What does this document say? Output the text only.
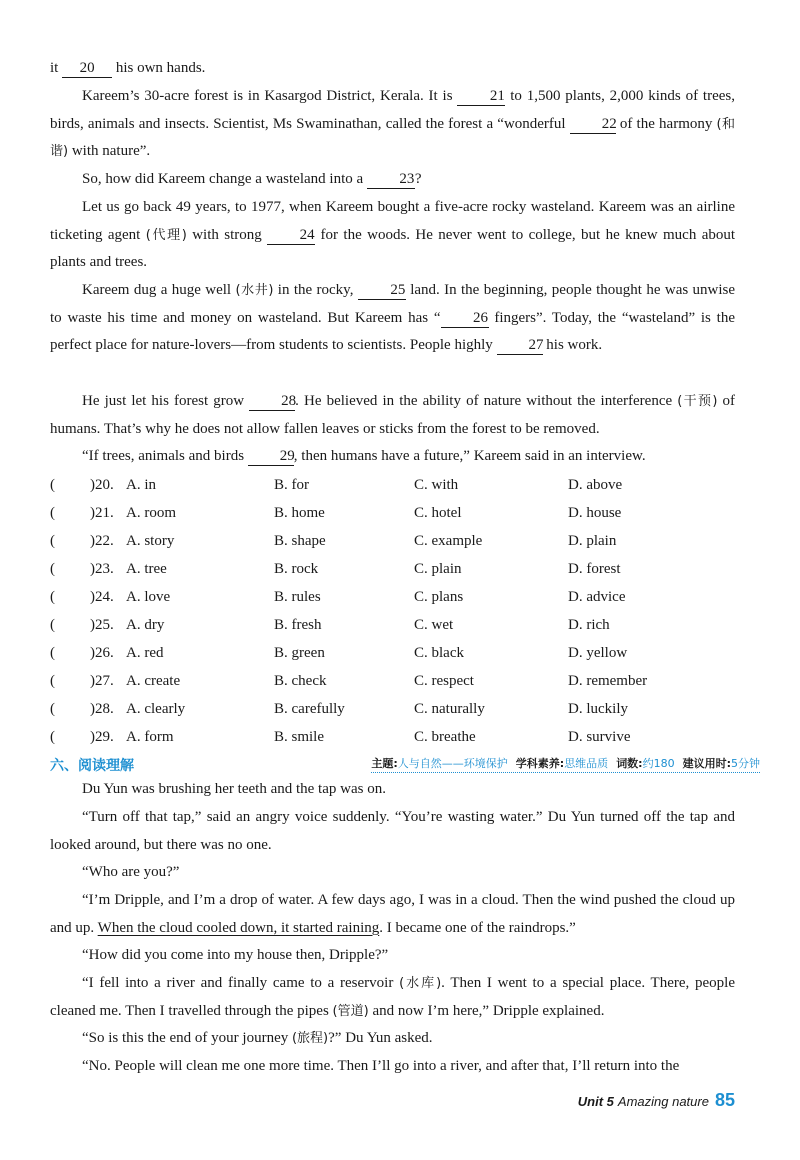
it 20 his own hands.

Kareem’s 30-acre forest is in Kasargod District, Kerala. It is 21 to 1,500 plants, 2,000 kinds of trees, birds, animals and insects. Scientist, Ms Swaminathan, called the forest a “wonderful 22 of the harmony (和谐) with nature”.

So, how did Kareem change a wasteland into a 23?

Let us go back 49 years, to 1977, when Kareem bought a five-acre rocky wasteland. Kareem was an airline ticketing agent (代理) with strong	24 for the woods. He never went to college, but he knew much about plants and trees.

Kareem dug a huge well (水井) in the rocky, 25 land. In the beginning, people thought he was unwise to waste his time and money on wasteland. But Kareem has “ 26 fingers”. Today, the “wasteland” is the perfect place for nature-lovers—from students to scientists. People highly 27 his work.

He just let his forest grow 28. He believed in the ability of nature without the interference (干预) of humans. That’s why he does not allow fallen leaves or sticks from the forest to be removed.

“If trees, animals and birds 29, then humans have a future,” Kareem said in an interview.

( )20. A. in	B. for	C. with	D. above
( )21. A. room	B. home	C. hotel	D. house
( )22. A. story	B. shape	C. example	D. plain
( )23. A. tree	B. rock	C. plain	D. forest
( )24. A. love	B. rules	C. plans	D. advice
( )25. A. dry	B. fresh	C. wet	D. rich
( )26. A. red	B. green	C. black	D. yellow
( )27. A. create	B. check	C. respect	D. remember
( )28. A. clearly	B. carefully	C. naturally	D. luckily
( )29. A. form	B. smile	C. breathe	D. survive
六、阅读理解	主题:人与自然——环境保护 学科素养:思维品质 词数:约180 建议用时:5分钟

Du Yun was brushing her teeth and the tap was on.

“Turn off that tap,” said an angry voice suddenly. “You’re wasting water.” Du Yun turned off the tap and looked around, but there was no one.

“Who are you?”

“I’m Dripple, and I’m a drop of water. A few days ago, I was in a cloud. Then the wind pushed the cloud up and up. When the cloud cooled down, it started raining. I became one of the raindrops.”

“How did you come into my house then, Dripple?”

“I fell into a river and finally came to a reservoir (水库). Then I went to a special place. There, people cleaned me. Then I travelled through the pipes (管道) and now I’m here,” Dripple explained.

“So is this the end of your journey (旅程)?” Du Yun asked.

“No. People will clean me one more time. Then I’ll go into a river, and after that, I’ll return into the

Unit 5 Amazing nature 85
